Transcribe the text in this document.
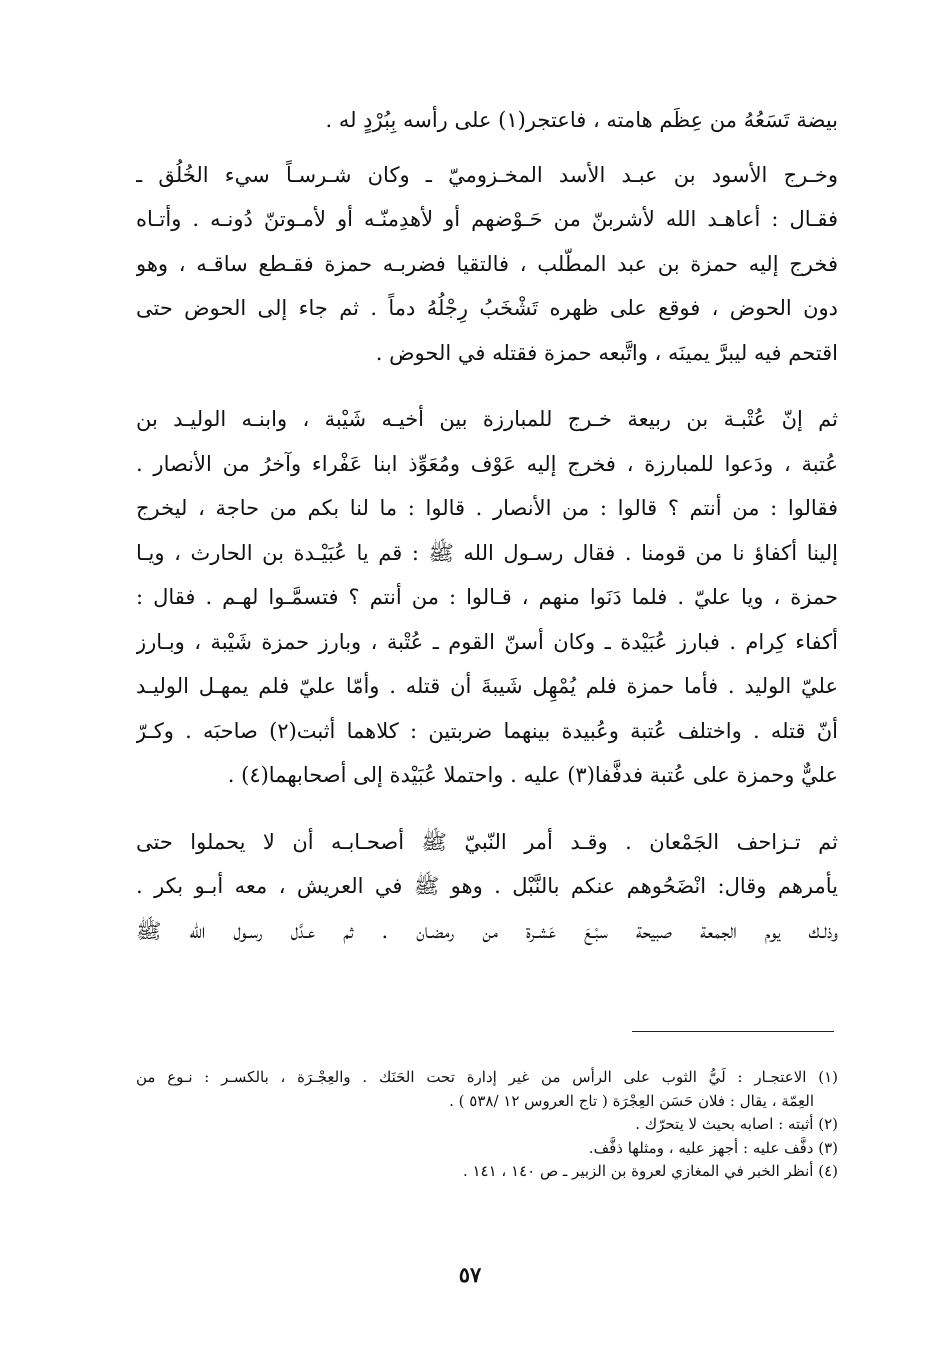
بيضة تَسَعُهُ من عِظَم هامته ، فاعتجر(١) على رأسه بِبُرْدٍ له .
وخـرج الأسود بن عبـد الأسد المخـزوميّ ـ وكان شـرسـاً سيء الخُلُق ـ
فقـال : أعاهـد الله لأشربنّ من حَـوْضهم أو لأهدِمنّـه أو لأمـوتنّ دُونـه . وأتـاه
فخرج إليه حمزة بن عبد المطّلب ، فالتقيا فضربـه حمزة فقـطع ساقـه ، وهو
دون الحوض ، فوقع على ظهره تَشْخَبُ رِجْلُهُ دماً . ثم جاء إلى الحوض حتى
اقتحم فيه ليبرَّ يمينَه ، واتَّبعه حمزة فقتله في الحوض .
ثم إنّ عُتْبـة بن ربيعة خـرج للمبارزة بين أخيـه شَيْبة ، وابنـه الوليـد بن
عُتبة ، ودَعوا للمبارزة ، فخرج إليه عَوْف ومُعَوِّذ ابنا عَفْراء وآخرُ من الأنصار .
فقالوا : من أنتم ؟ قالوا : من الأنصار . قالوا : ما لنا بكم من حاجة ، ليخرج
إلينا أكفاؤ نا من قومنا . فقال رسـول الله ﷺ : قم يا عُبَيْـدة بن الحارث ، ويـا
حمزة ، ويا عليّ . فلما دَنَوا منهم ، قـالوا : من أنتم ؟ فتسمَّـوا لهـم . فقال :
أكفاء كِرام . فبارز عُبَيْدة ـ وكان أسنّ القوم ـ عُتْبة ، وبارز حمزة شَيْبة ، وبـارز
عليّ الوليد . فأما حمزة فلم يُمْهِل شَيبةَ أن قتله . وأمّا عليّ فلم يمهـل الوليـد
أنّ قتله . واختلف عُتبة وعُبيدة بينهما ضربتين : كلاهما أثبت(٢) صاحبَه . وكـرّ
عليٌّ وحمزة على عُتبة فدفَّفا(٣) عليه . واحتملا عُبَيْدة إلى أصحابهما(٤) .
ثم تـزاحف الجَمْعان . وقـد أمر النّبيّ ﷺ أصحـابـه أن لا يحملوا حتى
يأمرهم وقال: انْضَحُوهم عنكم بالنَّبْل . وهو ﷺ في العريش ، معه أبـو بكر .
وذلـك يوم الجمعة صبيحة سبْـعَ عَشـرة من رمضـان . ثم عـدَّل رسـول الله ﷺ
(١) الاعتجـار : لَيُّ الثوب على الرأس من غير إدارة تحت الحَنَك . والعِجْـرَة ، بالكسـر : نـوع من
العِمّة ، يقال : فلان حَسَن العِجْرَة ( تاج العروس ١٢ /٥٣٨ ) .
(٢) أثبته : اصابه بحيث لا يتحرّك .
(٣) دفَّف عليه : أجهز عليه ، ومثلها ذفَّف.
(٤) أنظر الخبر في المغازي لعروة بن الزبير ـ ص ١٤٠ ، ١٤١ .
٥٧
